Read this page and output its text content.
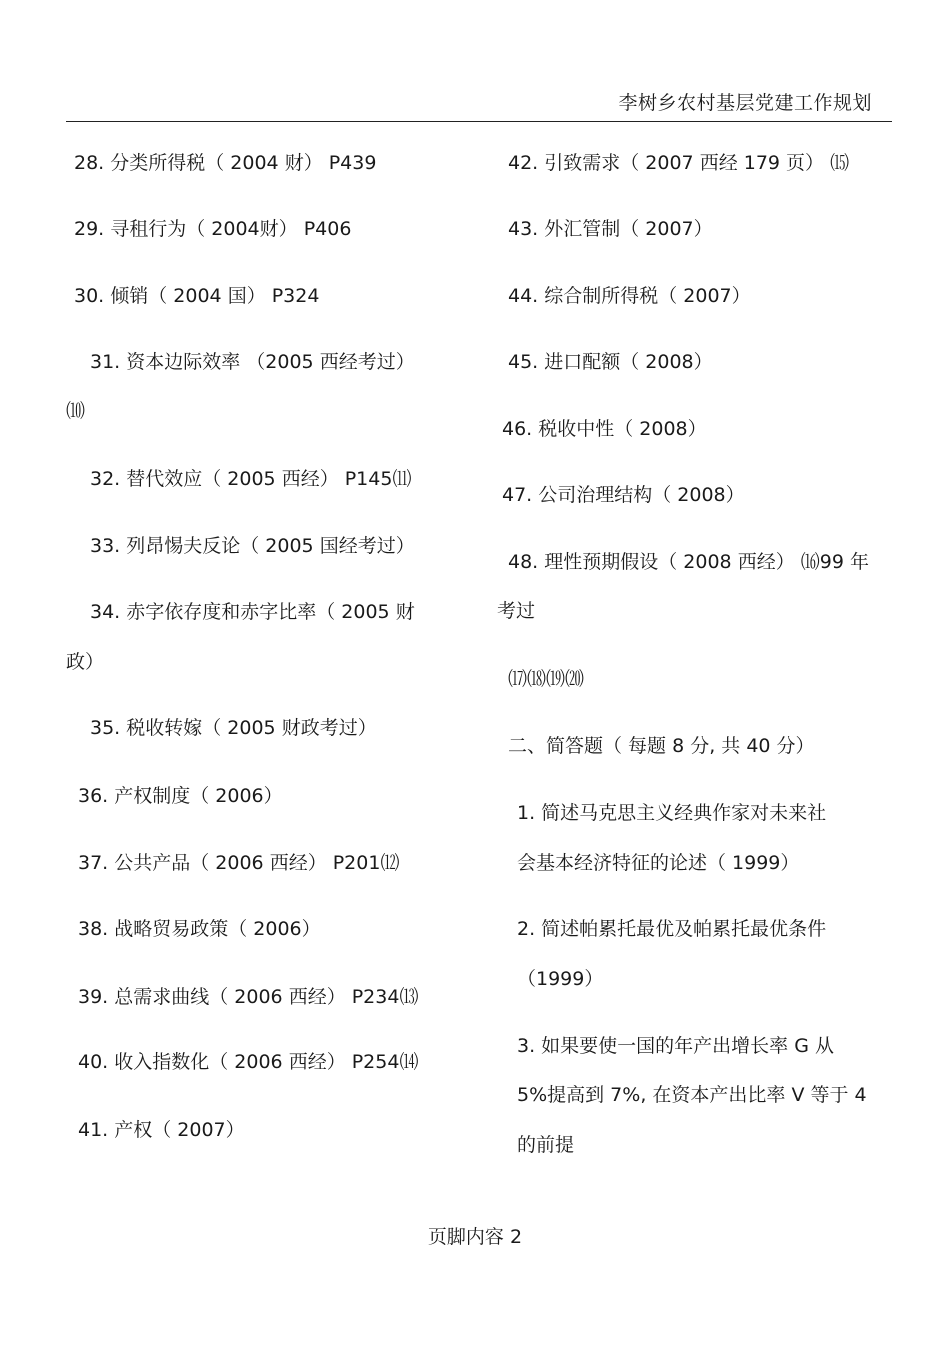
李树乡农村基层党建工作规划
28. 分类所得税（ 2004 财） P439
29. 寻租行为（ 2004财） P406
30. 倾销（ 2004 国） P324
31. 资本边际效率 （2005 西经考过）
⑽
32. 替代效应（ 2005 西经） P145⑾
33. 列昂惕夫反论（ 2005 国经考过）
34. 赤字依存度和赤字比率（ 2005 财
政）
35. 税收转嫁（ 2005 财政考过）
36. 产权制度（ 2006）
37. 公共产品（ 2006 西经） P201⑿
38. 战略贸易政策（ 2006）
39. 总需求曲线（ 2006 西经） P234⒀
40. 收入指数化（ 2006 西经） P254⒁
41. 产权（ 2007）
42. 引致需求（ 2007 西经 179 页） ⒂
43. 外汇管制（ 2007）
44. 综合制所得税（ 2007）
45. 进口配额（ 2008）
46. 税收中性（ 2008）
47. 公司治理结构（ 2008）
48. 理性预期假设（ 2008 西经） ⒃99 年
考过
⒄⒅⒆⒇
二、简答题（ 每题 8 分, 共 40 分）
1. 简述马克思主义经典作家对未来社
会基本经济特征的论述（ 1999）
2. 简述帕累托最优及帕累托最优条件
（1999）
3. 如果要使一国的年产出增长率 G 从
5%提高到 7%, 在资本产出比率 V 等于 4
的前提
页脚内容 2
